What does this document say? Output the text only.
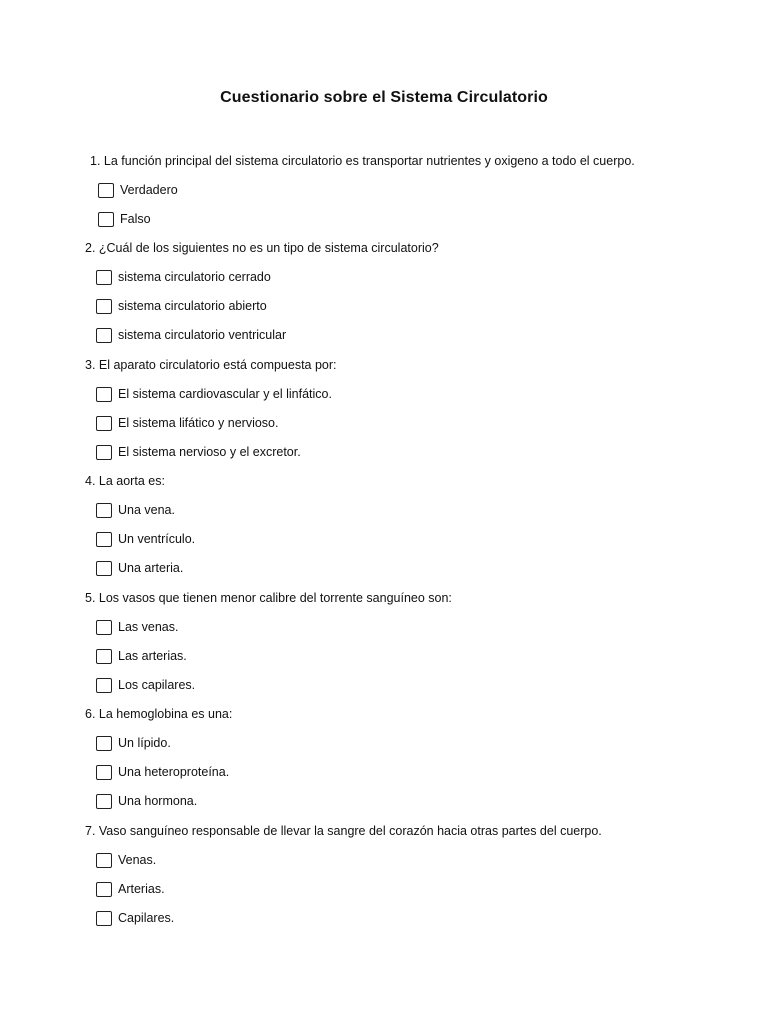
Cuestionario sobre el Sistema Circulatorio
1. La función principal del sistema circulatorio es transportar nutrientes y oxigeno a todo el cuerpo.
Verdadero
Falso
2. ¿Cuál de los siguientes no es un tipo de sistema circulatorio?
sistema circulatorio cerrado
sistema circulatorio abierto
sistema circulatorio ventricular
3. El aparato circulatorio está compuesta por:
El sistema cardiovascular y el linfático.
El sistema lifático y nervioso.
El sistema nervioso y el excretor.
4. La aorta es:
Una vena.
Un ventrículo.
Una arteria.
5. Los vasos que tienen menor calibre del torrente sanguíneo son:
Las venas.
Las arterias.
Los capilares.
6. La hemoglobina es una:
Un lípido.
Una heteroproteína.
Una hormona.
7. Vaso sanguíneo responsable de llevar la sangre del corazón hacia otras partes del cuerpo.
Venas.
Arterias.
Capilares.
